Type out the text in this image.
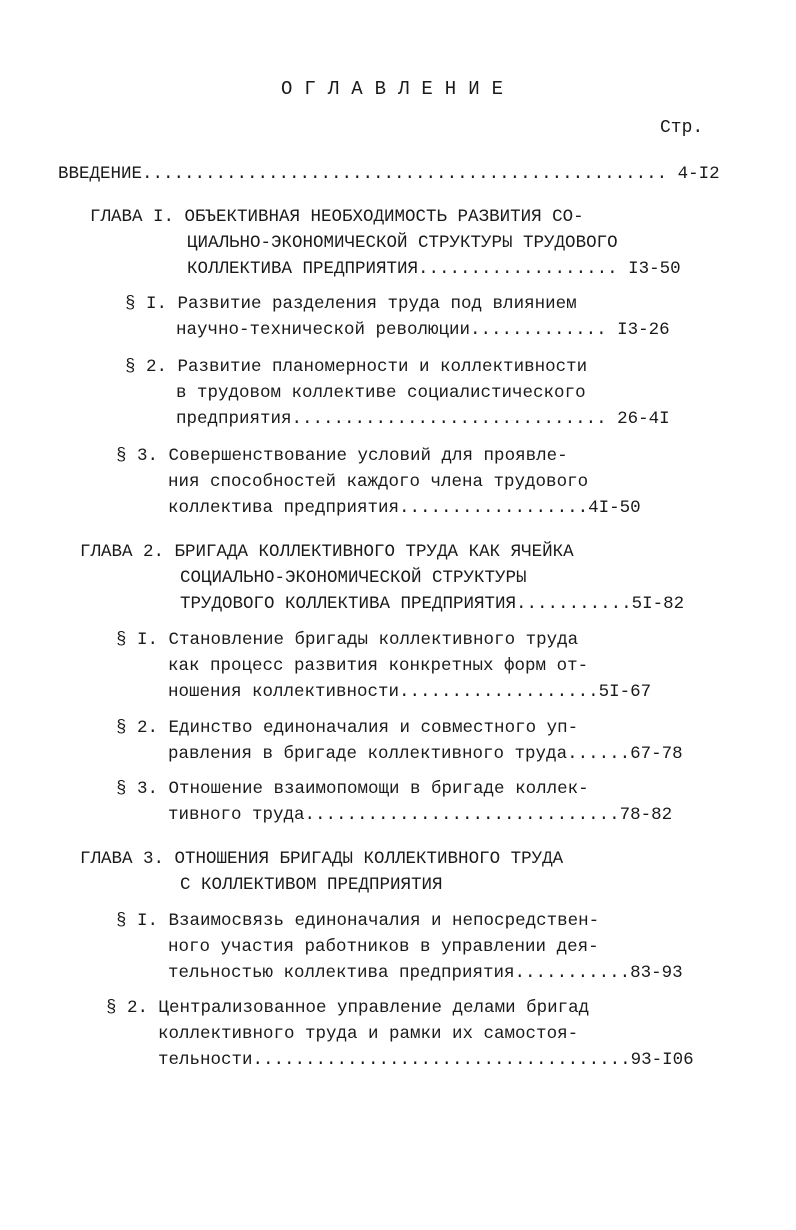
ОГЛАВЛЕНИЕ
Стр.
ВВЕДЕНИЕ.................................................. 4-I2
ГЛАВА I. ОБЪЕКТИВНАЯ НЕОБХОДИМОСТЬ РАЗВИТИЯ СО-
ЦИАЛЬНО-ЭКОНОМИЧЕСКОЙ СТРУКТУРЫ ТРУДОВОГО
КОЛЛЕКТИВА ПРЕДПРИЯТИЯ................... I3-50
§ I. Развитие разделения труда под влиянием
научно-технической революции............. I3-26
§ 2. Развитие планомерности и коллективности
в трудовом коллективе социалистического
предприятия.............................. 26-4I
§ 3. Совершенствование условий для проявле-
ния способностей каждого члена трудового
коллектива предприятия..................4I-50
ГЛАВА 2. БРИГАДА КОЛЛЕКТИВНОГО ТРУДА КАК ЯЧЕЙКА
СОЦИАЛЬНО-ЭКОНОМИЧЕСКОЙ СТРУКТУРЫ
ТРУДОВОГО КОЛЛЕКТИВА ПРЕДПРИЯТИЯ...........5I-82
§ I. Становление бригады коллективного труда
как процесс развития конкретных форм от-
ношения коллективности...................5I-67
§ 2. Единство единоначалия и совместного уп-
равления в бригаде коллективного труда......67-78
§ 3. Отношение взаимопомощи в бригаде коллек-
тивного труда..............................78-82
ГЛАВА 3. ОТНОШЕНИЯ БРИГАДЫ КОЛЛЕКТИВНОГО ТРУДА
С КОЛЛЕКТИВОМ ПРЕДПРИЯТИЯ
§ I. Взаимосвязь единоначалия и непосредствен-
ного участия работников в управлении дея-
тельностью коллектива предприятия...........83-93
§ 2. Централизованное управление делами бригад
коллективного труда и рамки их самостоя-
тельности....................................93-I06
